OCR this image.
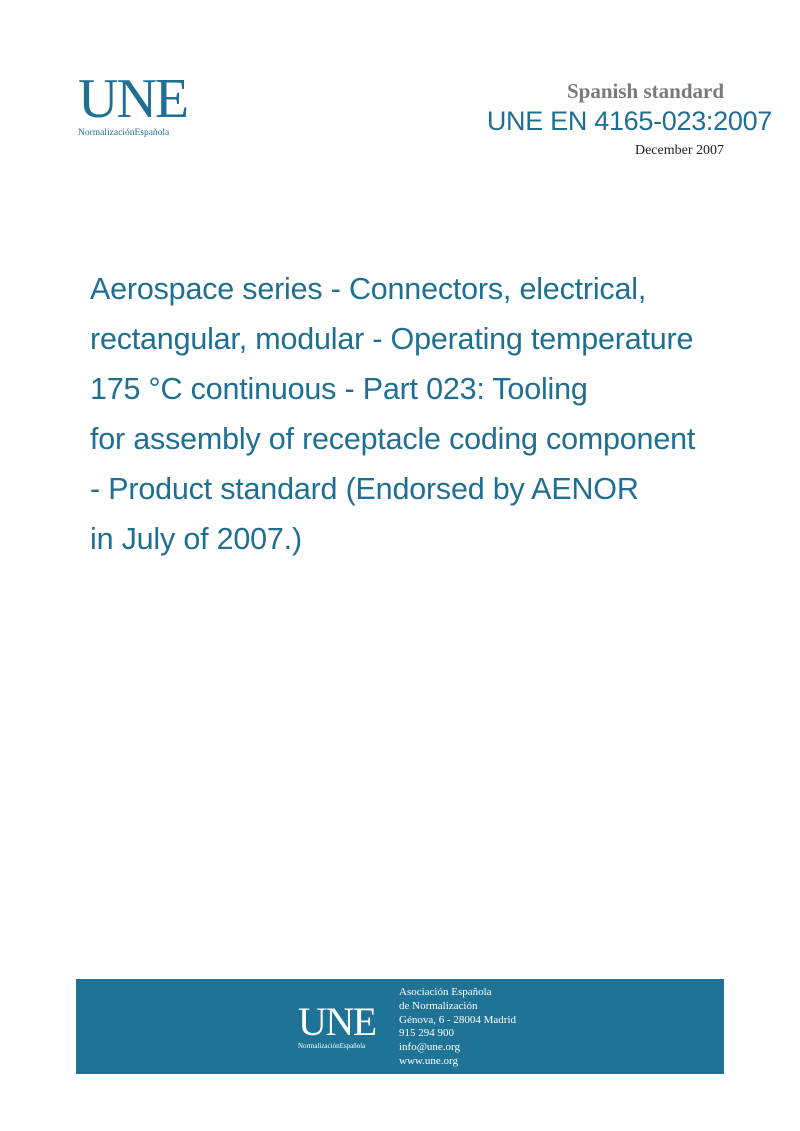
UNE
NormalizaciónEspañola
Spanish standard
UNE EN 4165-023:2007
December 2007
Aerospace series - Connectors, electrical,
rectangular, modular - Operating temperature
175 °C continuous - Part 023: Tooling
for assembly of receptacle coding component
- Product standard (Endorsed by AENOR
in July of 2007.)
UNE
NormalizaciónEspañola
Asociación Española
de Normalización
Génova, 6 - 28004 Madrid
915 294 900
info@une.org
www.une.org
